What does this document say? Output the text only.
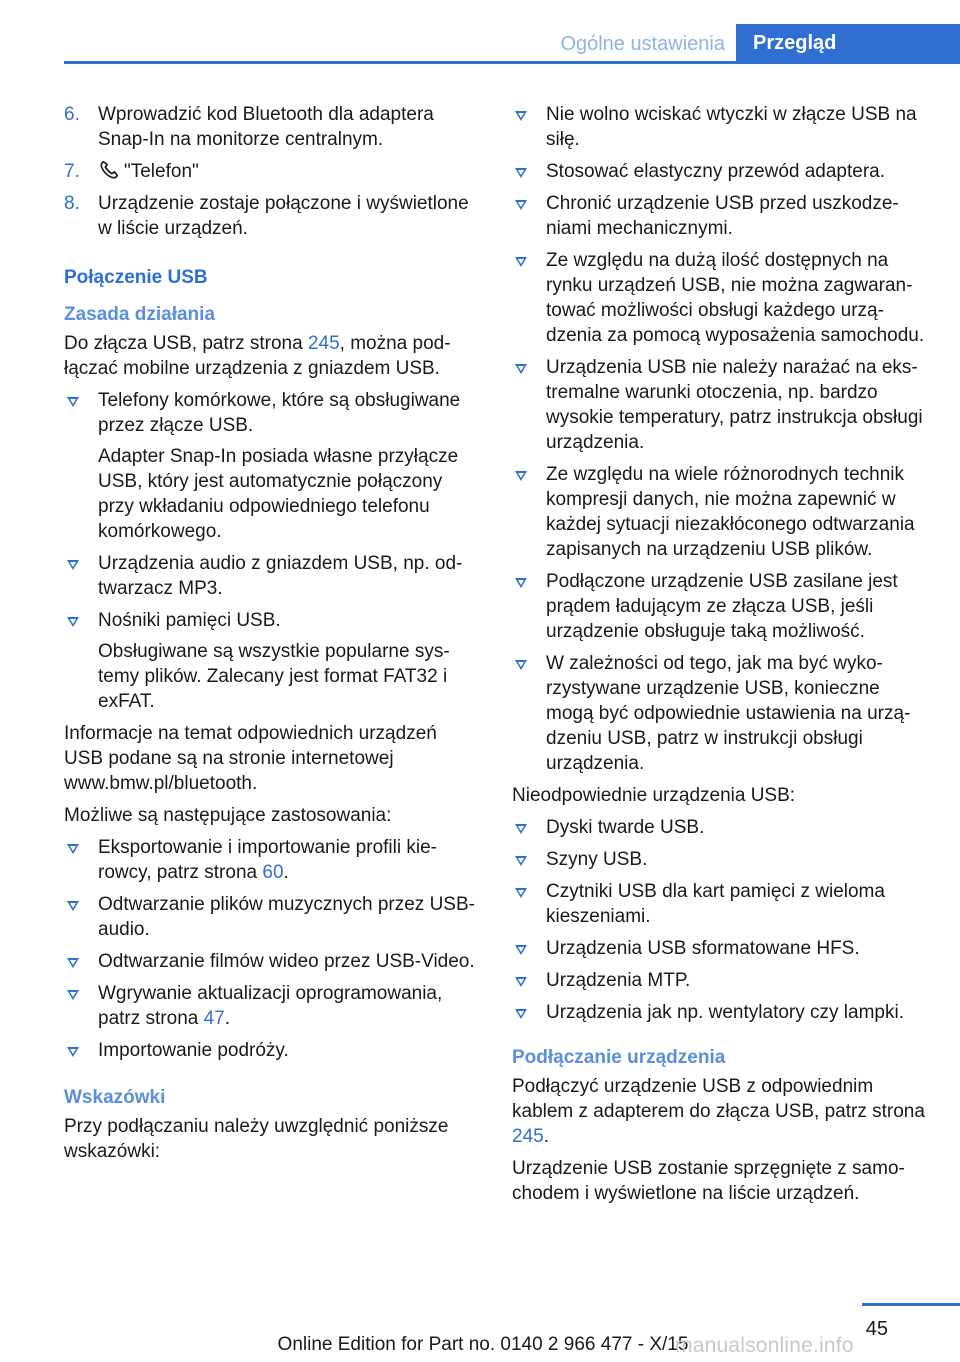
Ogólne ustawienia	Przegląd
6. Wprowadzić kod Bluetooth dla adaptera Snap-In na monitorze centralnym.
7. "Telefon"
8. Urządzenie zostaje połączone i wyświetlone w liście urządzeń.

Połączenie USB

Zasada działania

Do złącza USB, patrz strona 245, można podłączać mobilne urządzenia z gniazdem USB.

Telefony komórkowe, które są obsługiwane przez złącze USB.

Adapter Snap-In posiada własne przyłącze USB, który jest automatycznie połączony przy wkładaniu odpowiedniego telefonu komórkowego.

Urządzenia audio z gniazdem USB, np. odtwarzacz MP3.

Nośniki pamięci USB.

Obsługiwane są wszystkie popularne systemy plików. Zalecany jest format FAT32 i exFAT.

Informacje na temat odpowiednich urządzeń USB podane są na stronie internetowej www.bmw.pl/bluetooth.

Możliwe są następujące zastosowania:

Eksportowanie i importowanie profili kierowcy, patrz strona 60.

Odtwarzanie plików muzycznych przez USB-audio.

Odtwarzanie filmów wideo przez USB-Video.

Wgrywanie aktualizacji oprogramowania, patrz strona 47.

Importowanie podróży.

Wskazówki

Przy podłączaniu należy uwzględnić poniższe wskazówki:

Nie wolno wciskać wtyczki w złącze USB na siłę.

Stosować elastyczny przewód adaptera.

Chronić urządzenie USB przed uszkodzeniami mechanicznymi.

Ze względu na dużą ilość dostępnych na rynku urządzeń USB, nie można zagwarantować możliwości obsługi każdego urządzenia za pomocą wyposażenia samochodu.

Urządzenia USB nie należy narażać na ekstremalne warunki otoczenia, np. bardzo wysokie temperatury, patrz instrukcja obsługi urządzenia.

Ze względu na wiele różnorodnych technik kompresji danych, nie można zapewnić w każdej sytuacji niezakłóconego odtwarzania zapisanych na urządzeniu USB plików.

Podłączone urządzenie USB zasilane jest prądem ładującym ze złącza USB, jeśli urządzenie obsługuje taką możliwość.

W zależności od tego, jak ma być wykorzystywane urządzenie USB, konieczne mogą być odpowiednie ustawienia na urządzeniu USB, patrz w instrukcji obsługi urządzenia.

Nieodpowiednie urządzenia USB:

Dyski twarde USB.

Szyny USB.

Czytniki USB dla kart pamięci z wieloma kieszeniami.

Urządzenia USB sformatowane HFS.

Urządzenia MTP.

Urządzenia jak np. wentylatory czy lampki.

Podłączanie urządzenia

Podłączyć urządzenie USB z odpowiednim kablem z adapterem do złącza USB, patrz strona 245.

Urządzenie USB zostanie sprzęgnięte z samochodem i wyświetlone na liście urządzeń.

45
Online Edition for Part no. 0140 2 966 477 - X/15
manualsonline.info
